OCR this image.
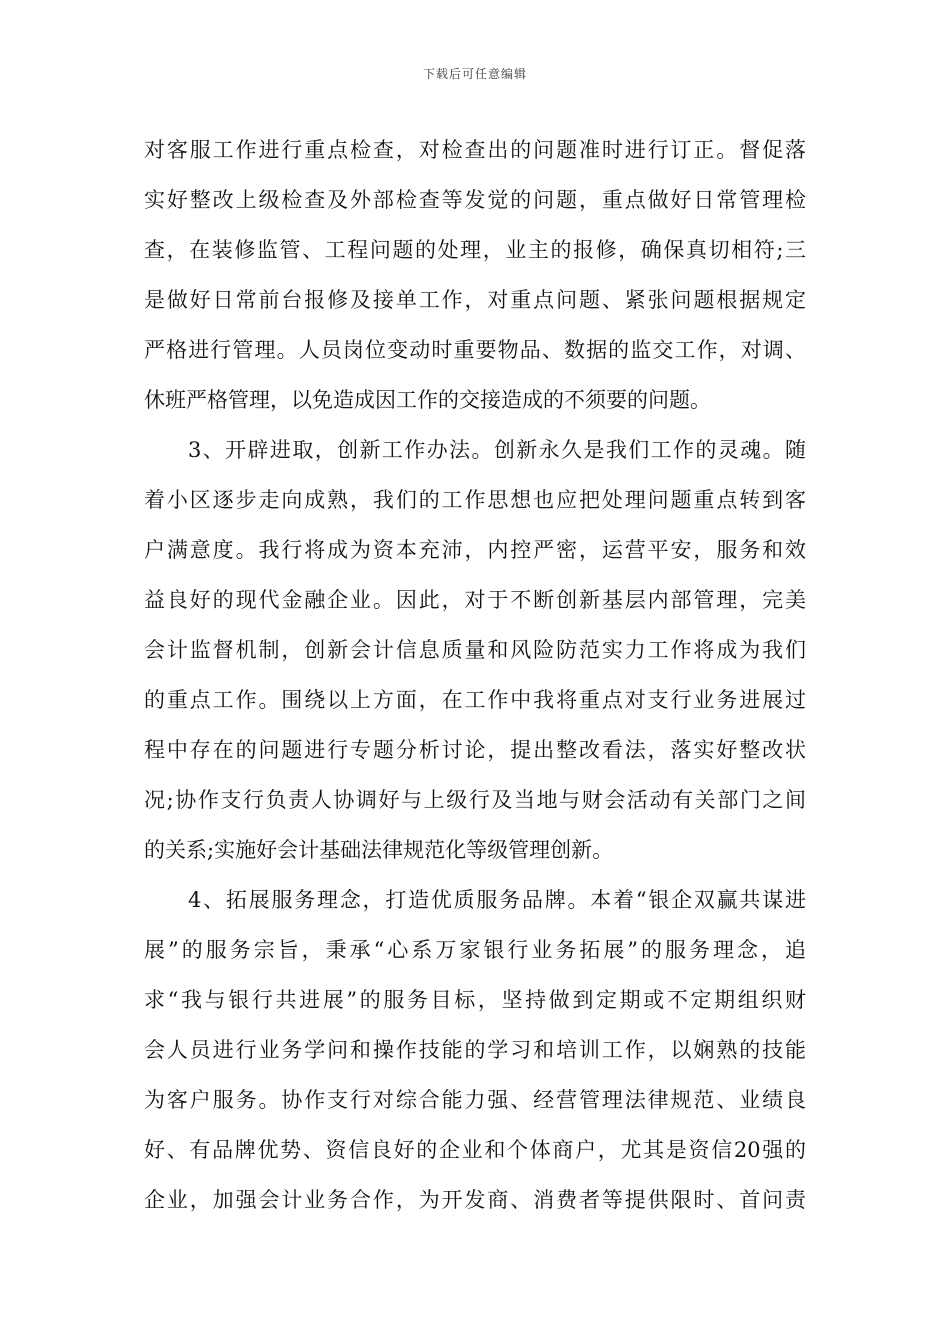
下载后可任意编辑
对客服工作进行重点检查，对检查出的问题准时进行订正。督促落
实好整改上级检查及外部检查等发觉的问题，重点做好日常管理检
查，在装修监管、工程问题的处理，业主的报修，确保真切相符;三
是做好日常前台报修及接单工作，对重点问题、紧张问题根据规定
严格进行管理。人员岗位变动时重要物品、数据的监交工作，对调、
休班严格管理，以免造成因工作的交接造成的不须要的问题。
3、开辟进取，创新工作办法。创新永久是我们工作的灵魂。随
着小区逐步走向成熟，我们的工作思想也应把处理问题重点转到客
户满意度。我行将成为资本充沛，内控严密，运营平安，服务和效
益良好的现代金融企业。因此，对于不断创新基层内部管理，完美
会计监督机制，创新会计信息质量和风险防范实力工作将成为我们
的重点工作。围绕以上方面，在工作中我将重点对支行业务进展过
程中存在的问题进行专题分析讨论，提出整改看法，落实好整改状
况;协作支行负责人协调好与上级行及当地与财会活动有关部门之间
的关系;实施好会计基础法律规范化等级管理创新。
4、拓展服务理念，打造优质服务品牌。本着“银企双赢共谋进
展”的服务宗旨，秉承“心系万家银行业务拓展”的服务理念，追
求“我与银行共进展”的服务目标，坚持做到定期或不定期组织财
会人员进行业务学问和操作技能的学习和培训工作，以娴熟的技能
为客户服务。协作支行对综合能力强、经营管理法律规范、业绩良
好、有品牌优势、资信良好的企业和个体商户，尤其是资信20强的
企业，加强会计业务合作，为开发商、消费者等提供限时、首问责
